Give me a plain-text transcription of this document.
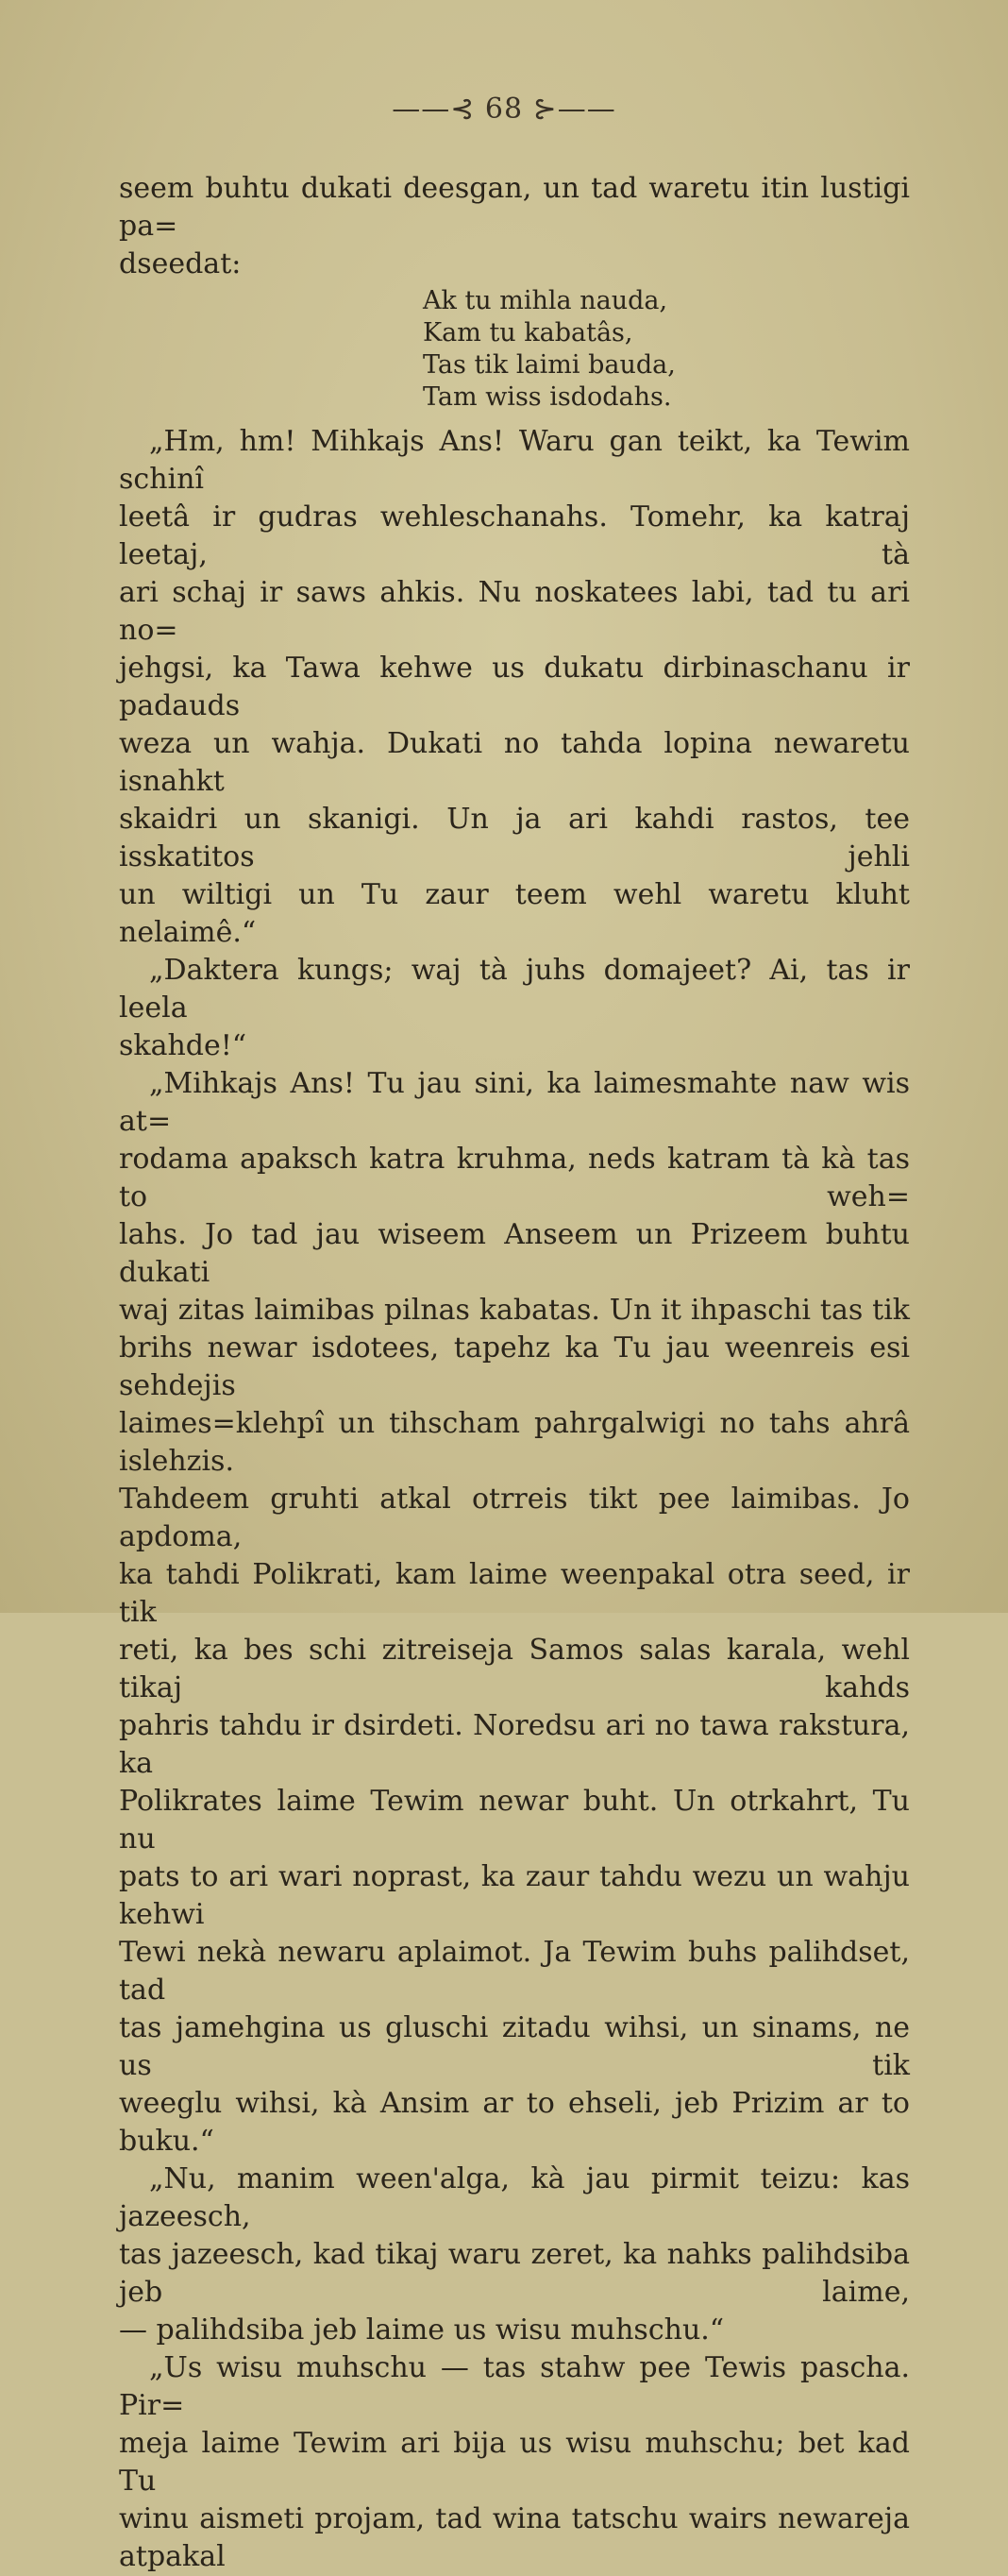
——⊰ 68 ⊱——

seem buhtu dukati deesgan, un tad waretu itin lustigi pa=

dseedat:

Ak tu mihla nauda,
Kam tu kabatâs,
Tas tik laimi bauda,
Tam wiss isdodahs.

„Hm, hm! Mihkajs Ans! Waru gan teikt, ka Tewim schinî

leetâ ir gudras wehleschanahs. Tomehr, ka katraj leetaj, tà

ari schaj ir saws ahkis. Nu noskatees labi, tad tu ari no=

jehgsi, ka Tawa kehwe us dukatu dirbinaschanu ir padauds

weza un wahja. Dukati no tahda lopina newaretu isnahkt

skaidri un skanigi. Un ja ari kahdi rastos, tee isskatitos jehli

un wiltigi un Tu zaur teem wehl waretu kluht nelaimê.“

„Daktera kungs; waj tà juhs domajeet? Ai, tas ir leela

skahde!“

„Mihkajs Ans! Tu jau sini, ka laimesmahte naw wis at=

rodama apaksch katra kruhma, neds katram tà kà tas to weh=

lahs. Jo tad jau wiseem Anseem un Prizeem buhtu dukati

waj zitas laimibas pilnas kabatas. Un it ihpaschi tas tik

brihs newar isdotees, tapehz ka Tu jau weenreis esi sehdejis

laimes=klehpî un tihscham pahrgalwigi no tahs ahrâ islehzis.

Tahdeem gruhti atkal otrreis tikt pee laimibas. Jo apdoma,

ka tahdi Polikrati, kam laime weenpakal otra seed, ir tik

reti, ka bes schi zitreiseja Samos salas karala, wehl tikaj kahds

pahris tahdu ir dsirdeti. Noredsu ari no tawa rakstura, ka

Polikrates laime Tewim newar buht. Un otrkahrt, Tu nu

pats to ari wari noprast, ka zaur tahdu wezu un wahju kehwi

Tewi nekà newaru aplaimot. Ja Tewim buhs palihdset, tad

tas jamehgina us gluschi zitadu wihsi, un sinams, ne us tik

weeglu wihsi, kà Ansim ar to ehseli, jeb Prizim ar to buku.“

„Nu, manim ween'alga, kà jau pirmit teizu: kas jazeesch,

tas jazeesch, kad tikaj waru zeret, ka nahks palihdsiba jeb laime,

— palihdsiba jeb laime us wisu muhschu.“

„Us wisu muhschu — tas stahw pee Tewis pascha. Pir=

meja laime Tewim ari bija us wisu muhschu; bet kad Tu

winu aismeti projam, tad wina tatschu wairs newareja atpakal
